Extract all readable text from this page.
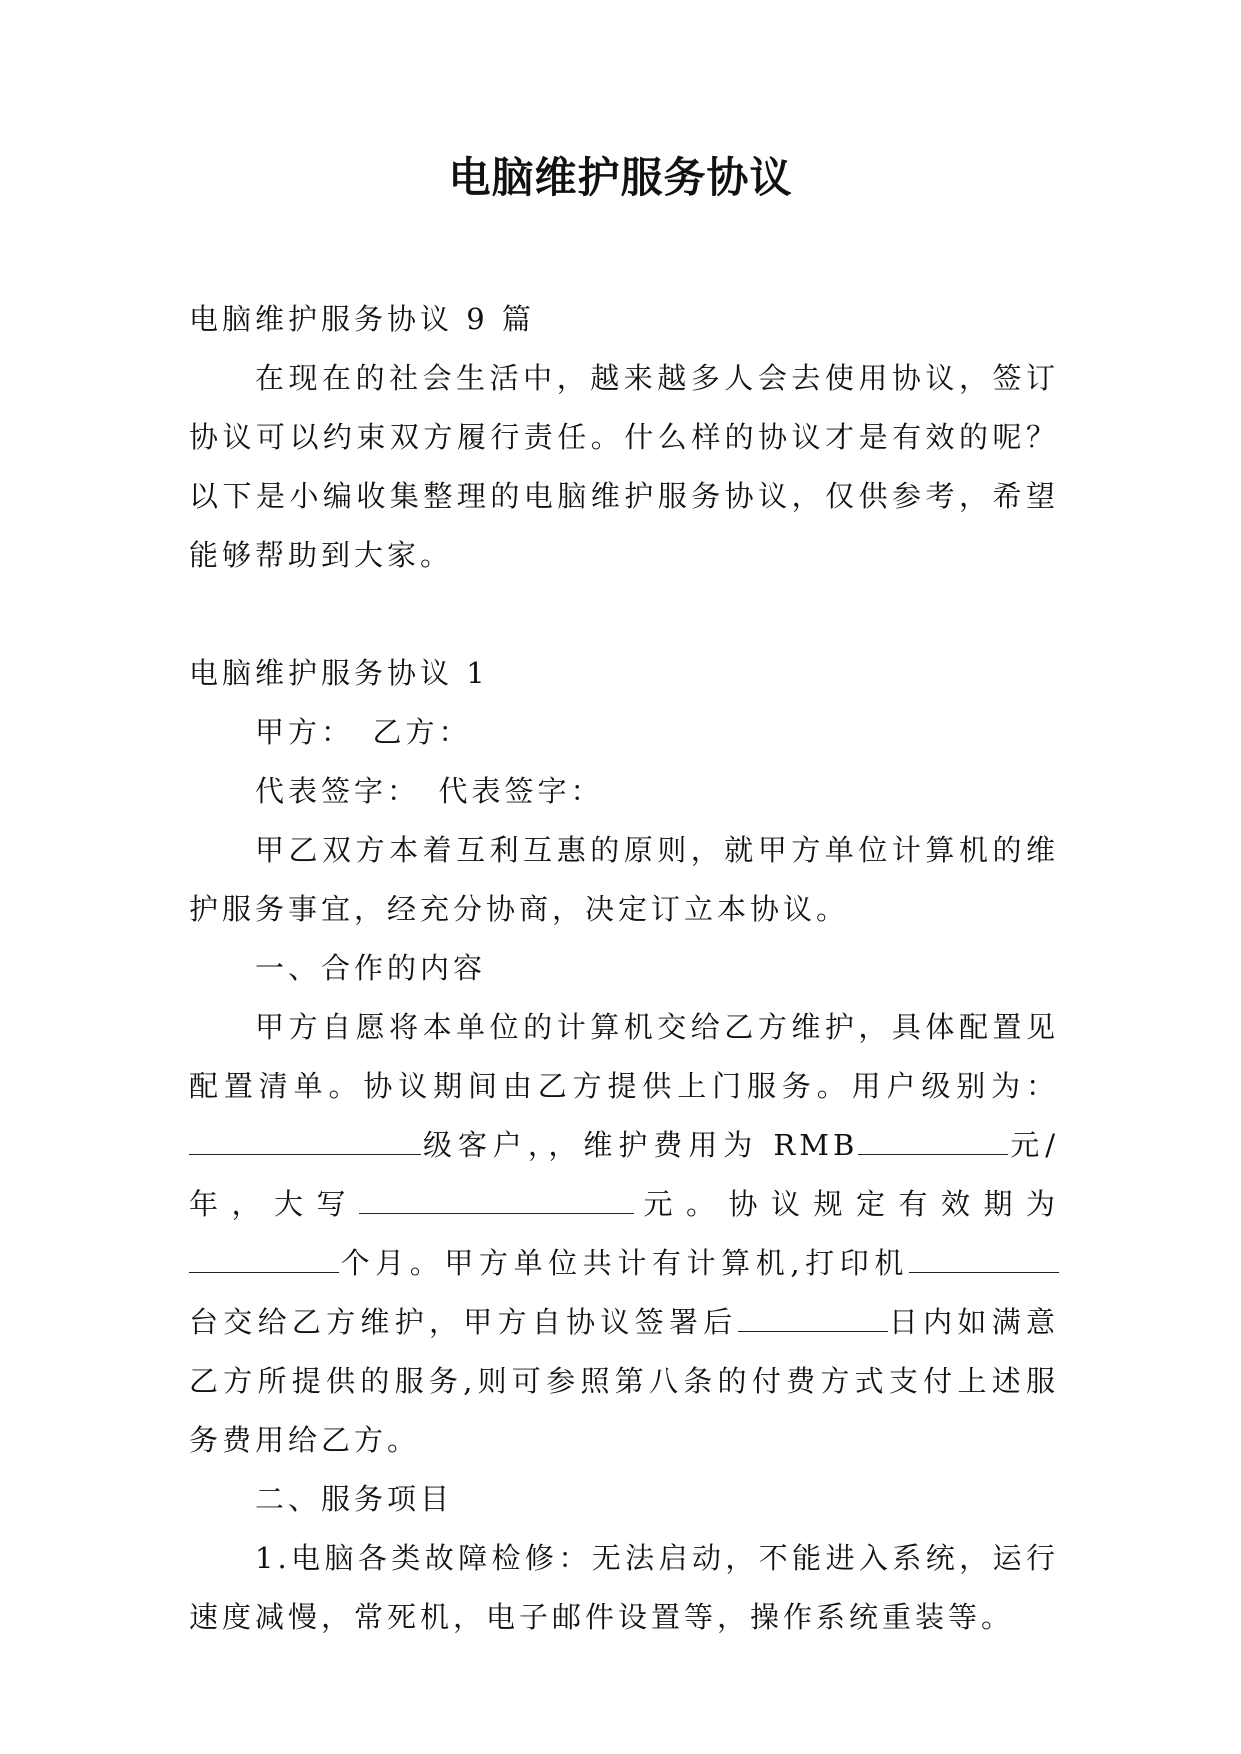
电脑维护服务协议

电脑维护服务协议 9 篇

在现在的社会生活中，越来越多人会去使用协议，签订协议可以约束双方履行责任。什么样的协议才是有效的呢？以下是小编收集整理的电脑维护服务协议，仅供参考，希望能够帮助到大家。

电脑维护服务协议 1

甲方：　乙方：

代表签字：　代表签字：

甲乙双方本着互利互惠的原则，就甲方单位计算机的维护服务事宜，经充分协商，决定订立本协议。

一、合作的内容

甲方自愿将本单位的计算机交给乙方维护，具体配置见配置清单。协议期间由乙方提供上门服务。用户级别为：级客户，，维护费用为 RMB	元/年，大写	元。协议规定有效期为个月。甲方单位共计有计算机,打印机台交给乙方维护，甲方自协议签署后	日内如满意乙方所提供的服务,则可参照第八条的付费方式支付上述服务费用给乙方。

二、服务项目

1.电脑各类故障检修：无法启动，不能进入系统，运行速度减慢，常死机，电子邮件设置等，操作系统重装等。
